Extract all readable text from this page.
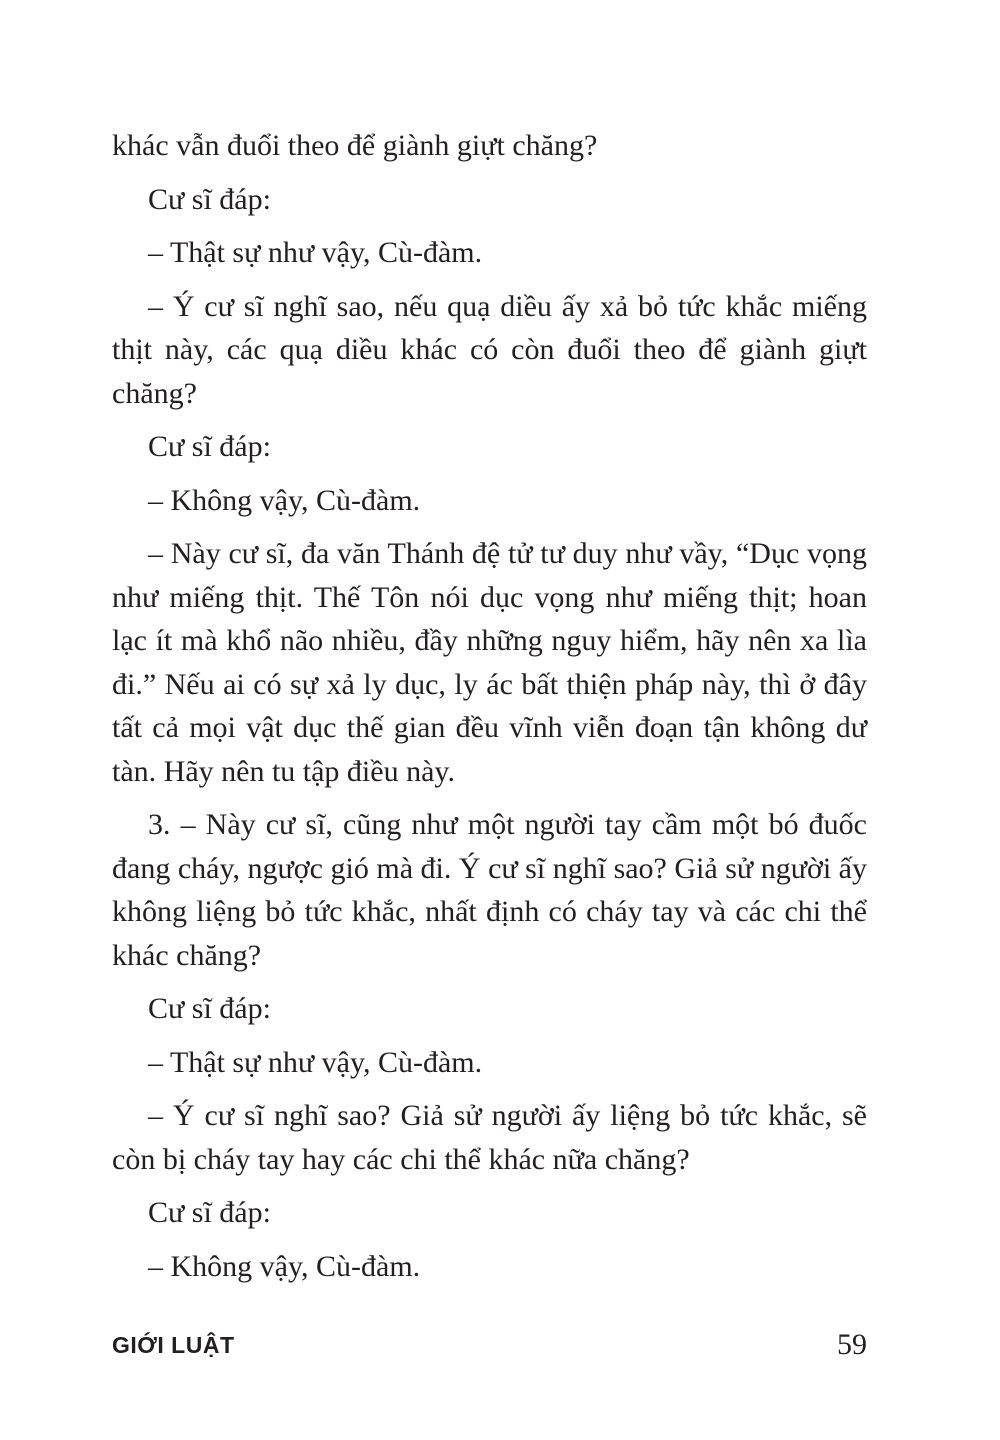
khác vẫn đuổi theo để giành giựt chăng?

Cư sĩ đáp:

– Thật sự như vậy, Cù-đàm.

– Ý cư sĩ nghĩ sao, nếu quạ diều ấy xả bỏ tức khắc miếng thịt này, các quạ diều khác có còn đuổi theo để giành giựt chăng?

Cư sĩ đáp:

– Không vậy, Cù-đàm.

– Này cư sĩ, đa văn Thánh đệ tử tư duy như vầy, “Dục vọng như miếng thịt. Thế Tôn nói dục vọng như miếng thịt; hoan lạc ít mà khổ não nhiều, đầy những nguy hiểm, hãy nên xa lìa đi.” Nếu ai có sự xả ly dục, ly ác bất thiện pháp này, thì ở đây tất cả mọi vật dục thế gian đều vĩnh viễn đoạn tận không dư tàn. Hãy nên tu tập điều này.

3. – Này cư sĩ, cũng như một người tay cầm một bó đuốc đang cháy, ngược gió mà đi. Ý cư sĩ nghĩ sao? Giả sử người ấy không liệng bỏ tức khắc, nhất định có cháy tay và các chi thể khác chăng?

Cư sĩ đáp:

– Thật sự như vậy, Cù-đàm.

– Ý cư sĩ nghĩ sao? Giả sử người ấy liệng bỏ tức khắc, sẽ còn bị cháy tay hay các chi thể khác nữa chăng?

Cư sĩ đáp:

– Không vậy, Cù-đàm.

GIỚI LUẬT	59
